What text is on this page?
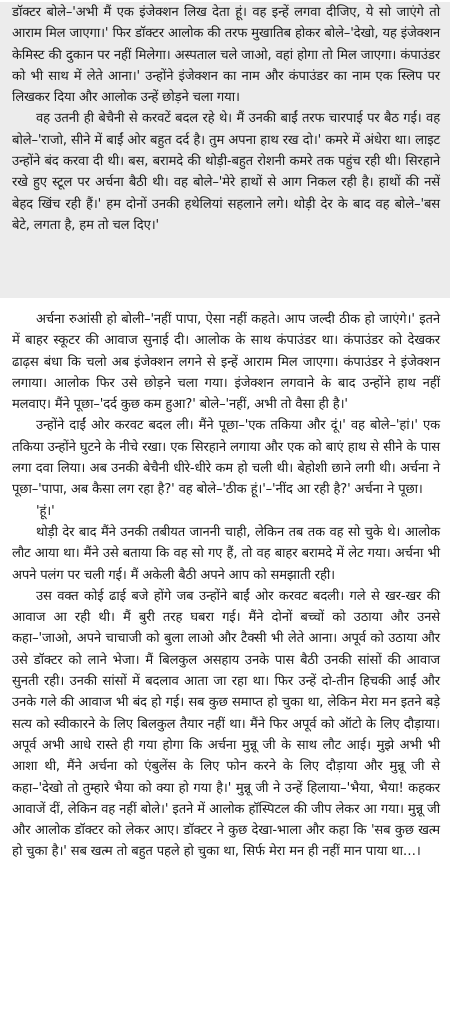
डॉक्टर बोले–'अभी मैं एक इंजेक्शन लिख देता हूं। वह इन्हें लगवा दीजिए, ये सो जाएंगे तो आराम मिल जाएगा।' फिर डॉक्टर आलोक की तरफ मुखातिब होकर बोले–'देखो, यह इंजेक्शन केमिस्ट की दुकान पर नहीं मिलेगा। अस्पताल चले जाओ, वहां होगा तो मिल जाएगा। कंपाउंडर को भी साथ में लेते आना।' उन्होंने इंजेक्शन का नाम और कंपाउंडर का नाम एक स्लिप पर लिखकर दिया और आलोक उन्हें छोड़ने चला गया।

वह उतनी ही बेचैनी से करवटें बदल रहे थे। मैं उनकी बाईं तरफ चारपाई पर बैठ गई। वह बोले–'राजो, सीने में बाईं ओर बहुत दर्द है। तुम अपना हाथ रख दो।' कमरे में अंधेरा था। लाइट उन्होंने बंद करवा दी थी। बस, बरामदे की थोड़ी-बहुत रोशनी कमरे तक पहुंच रही थी। सिरहाने रखे हुए स्टूल पर अर्चना बैठी थी। वह बोले–'मेरे हाथों से आग निकल रही है। हाथों की नसें बेहद खिंच रही हैं।' हम दोनों उनकी हथेलियां सहलाने लगे। थोड़ी देर के बाद वह बोले–'बस बेटे, लगता है, हम तो चल दिए।'

अर्चना रुआंसी हो बोली–'नहीं पापा, ऐसा नहीं कहते। आप जल्दी ठीक हो जाएंगे।' इतने में बाहर स्कूटर की आवाज सुनाई दी। आलोक के साथ कंपाउंडर था। कंपाउंडर को देखकर ढाढ़स बंधा कि चलो अब इंजेक्शन लगने से इन्हें आराम मिल जाएगा। कंपाउंडर ने इंजेक्शन लगाया। आलोक फिर उसे छोड़ने चला गया। इंजेक्शन लगवाने के बाद उन्होंने हाथ नहीं मलवाए। मैंने पूछा–'दर्द कुछ कम हुआ?' बोले–'नहीं, अभी तो वैसा ही है।'

उन्होंने दाईं ओर करवट बदल ली। मैंने पूछा–'एक तकिया और दूं।' वह बोले–'हां।' एक तकिया उन्होंने घुटने के नीचे रखा। एक सिरहाने लगाया और एक को बाएं हाथ से सीने के पास लगा दवा लिया। अब उनकी बेचैनी धीरे-धीरे कम हो चली थी। बेहोशी छाने लगी थी। अर्चना ने पूछा–'पापा, अब कैसा लग रहा है?' वह बोले–'ठीक हूं।'–'नींद आ रही है?' अर्चना ने पूछा।

'हूं।'

थोड़ी देर बाद मैंने उनकी तबीयत जाननी चाही, लेकिन तब तक वह सो चुके थे। आलोक लौट आया था। मैंने उसे बताया कि वह सो गए हैं, तो वह बाहर बरामदे में लेट गया। अर्चना भी अपने पलंग पर चली गई। मैं अकेली बैठी अपने आप को समझाती रही।

उस वक्त कोई ढाई बजे होंगे जब उन्होंने बाईं ओर करवट बदली। गले से खर-खर की आवाज आ रही थी। मैं बुरी तरह घबरा गई। मैंने दोनों बच्चों को उठाया और उनसे कहा–'जाओ, अपने चाचाजी को बुला लाओ और टैक्सी भी लेते आना। अपूर्व को उठाया और उसे डॉक्टर को लाने भेजा। मैं बिलकुल असहाय उनके पास बैठी उनकी सांसों की आवाज सुनती रही। उनकी सांसों में बदलाव आता जा रहा था। फिर उन्हें दो-तीन हिचकी आईं और उनके गले की आवाज भी बंद हो गई। सब कुछ समाप्त हो चुका था, लेकिन मेरा मन इतने बड़े सत्य को स्वीकारने के लिए बिलकुल तैयार नहीं था। मैंने फिर अपूर्व को ऑटो के लिए दौड़ाया। अपूर्व अभी आधे रास्ते ही गया होगा कि अर्चना मुन्नू जी के साथ लौट आई। मुझे अभी भी आशा थी, मैंने अर्चना को एंबुलेंस के लिए फोन करने के लिए दौड़ाया और मुन्नू जी से कहा–'देखो तो तुम्हारे भैया को क्या हो गया है।' मुन्नू जी ने उन्हें हिलाया–'भैया, भैया! कहकर आवाजें दीं, लेकिन वह नहीं बोले।' इतने में आलोक हॉस्पिटल की जीप लेकर आ गया। मुन्नू जी और आलोक डॉक्टर को लेकर आए। डॉक्टर ने कुछ देखा-भाला और कहा कि 'सब कुछ खत्म हो चुका है।' सब खत्म तो बहुत पहले हो चुका था, सिर्फ मेरा मन ही नहीं मान पाया था…।
